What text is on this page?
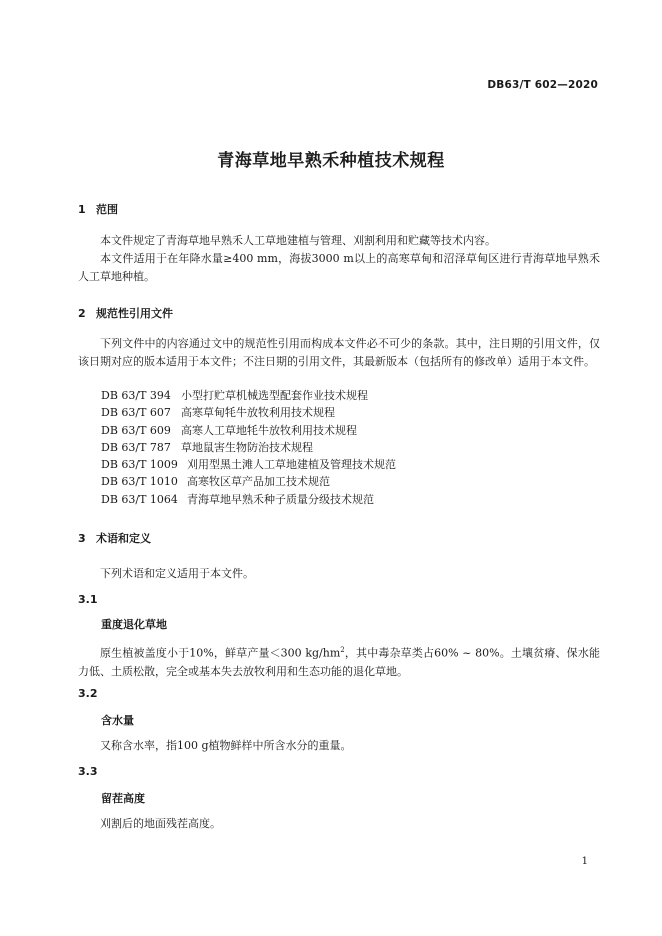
DB63/T 602—2020
青海草地早熟禾种植技术规程
1 范围
本文件规定了青海草地早熟禾人工草地建植与管理、刈割利用和贮藏等技术内容。
本文件适用于在年降水量≥400 mm，海拔3000 m以上的高寒草甸和沼泽草甸区进行青海草地早熟禾人工草地种植。
2 规范性引用文件
下列文件中的内容通过文中的规范性引用而构成本文件必不可少的条款。其中，注日期的引用文件，仅该日期对应的版本适用于本文件；不注日期的引用文件，其最新版本（包括所有的修改单）适用于本文件。
DB 63/T 394 小型打贮草机械选型配套作业技术规程
DB 63/T 607 高寒草甸牦牛放牧利用技术规程
DB 63/T 609 高寒人工草地牦牛放牧利用技术规程
DB 63/T 787 草地鼠害生物防治技术规程
DB 63/T 1009 刈用型黑土滩人工草地建植及管理技术规范
DB 63/T 1010 高寒牧区草产品加工技术规范
DB 63/T 1064 青海草地早熟禾种子质量分级技术规范
3 术语和定义
下列术语和定义适用于本文件。
3.1
重度退化草地
原生植被盖度小于10%，鲜草产量＜300 $kg/hm^2$，其中毒杂草类占60% ~ 80%。土壤贫瘠、保水能力低、土质松散，完全或基本失去放牧利用和生态功能的退化草地。
3.2
含水量
又称含水率，指100 g植物鲜样中所含水分的重量。
3.3
留茬高度
刈割后的地面残茬高度。
1
